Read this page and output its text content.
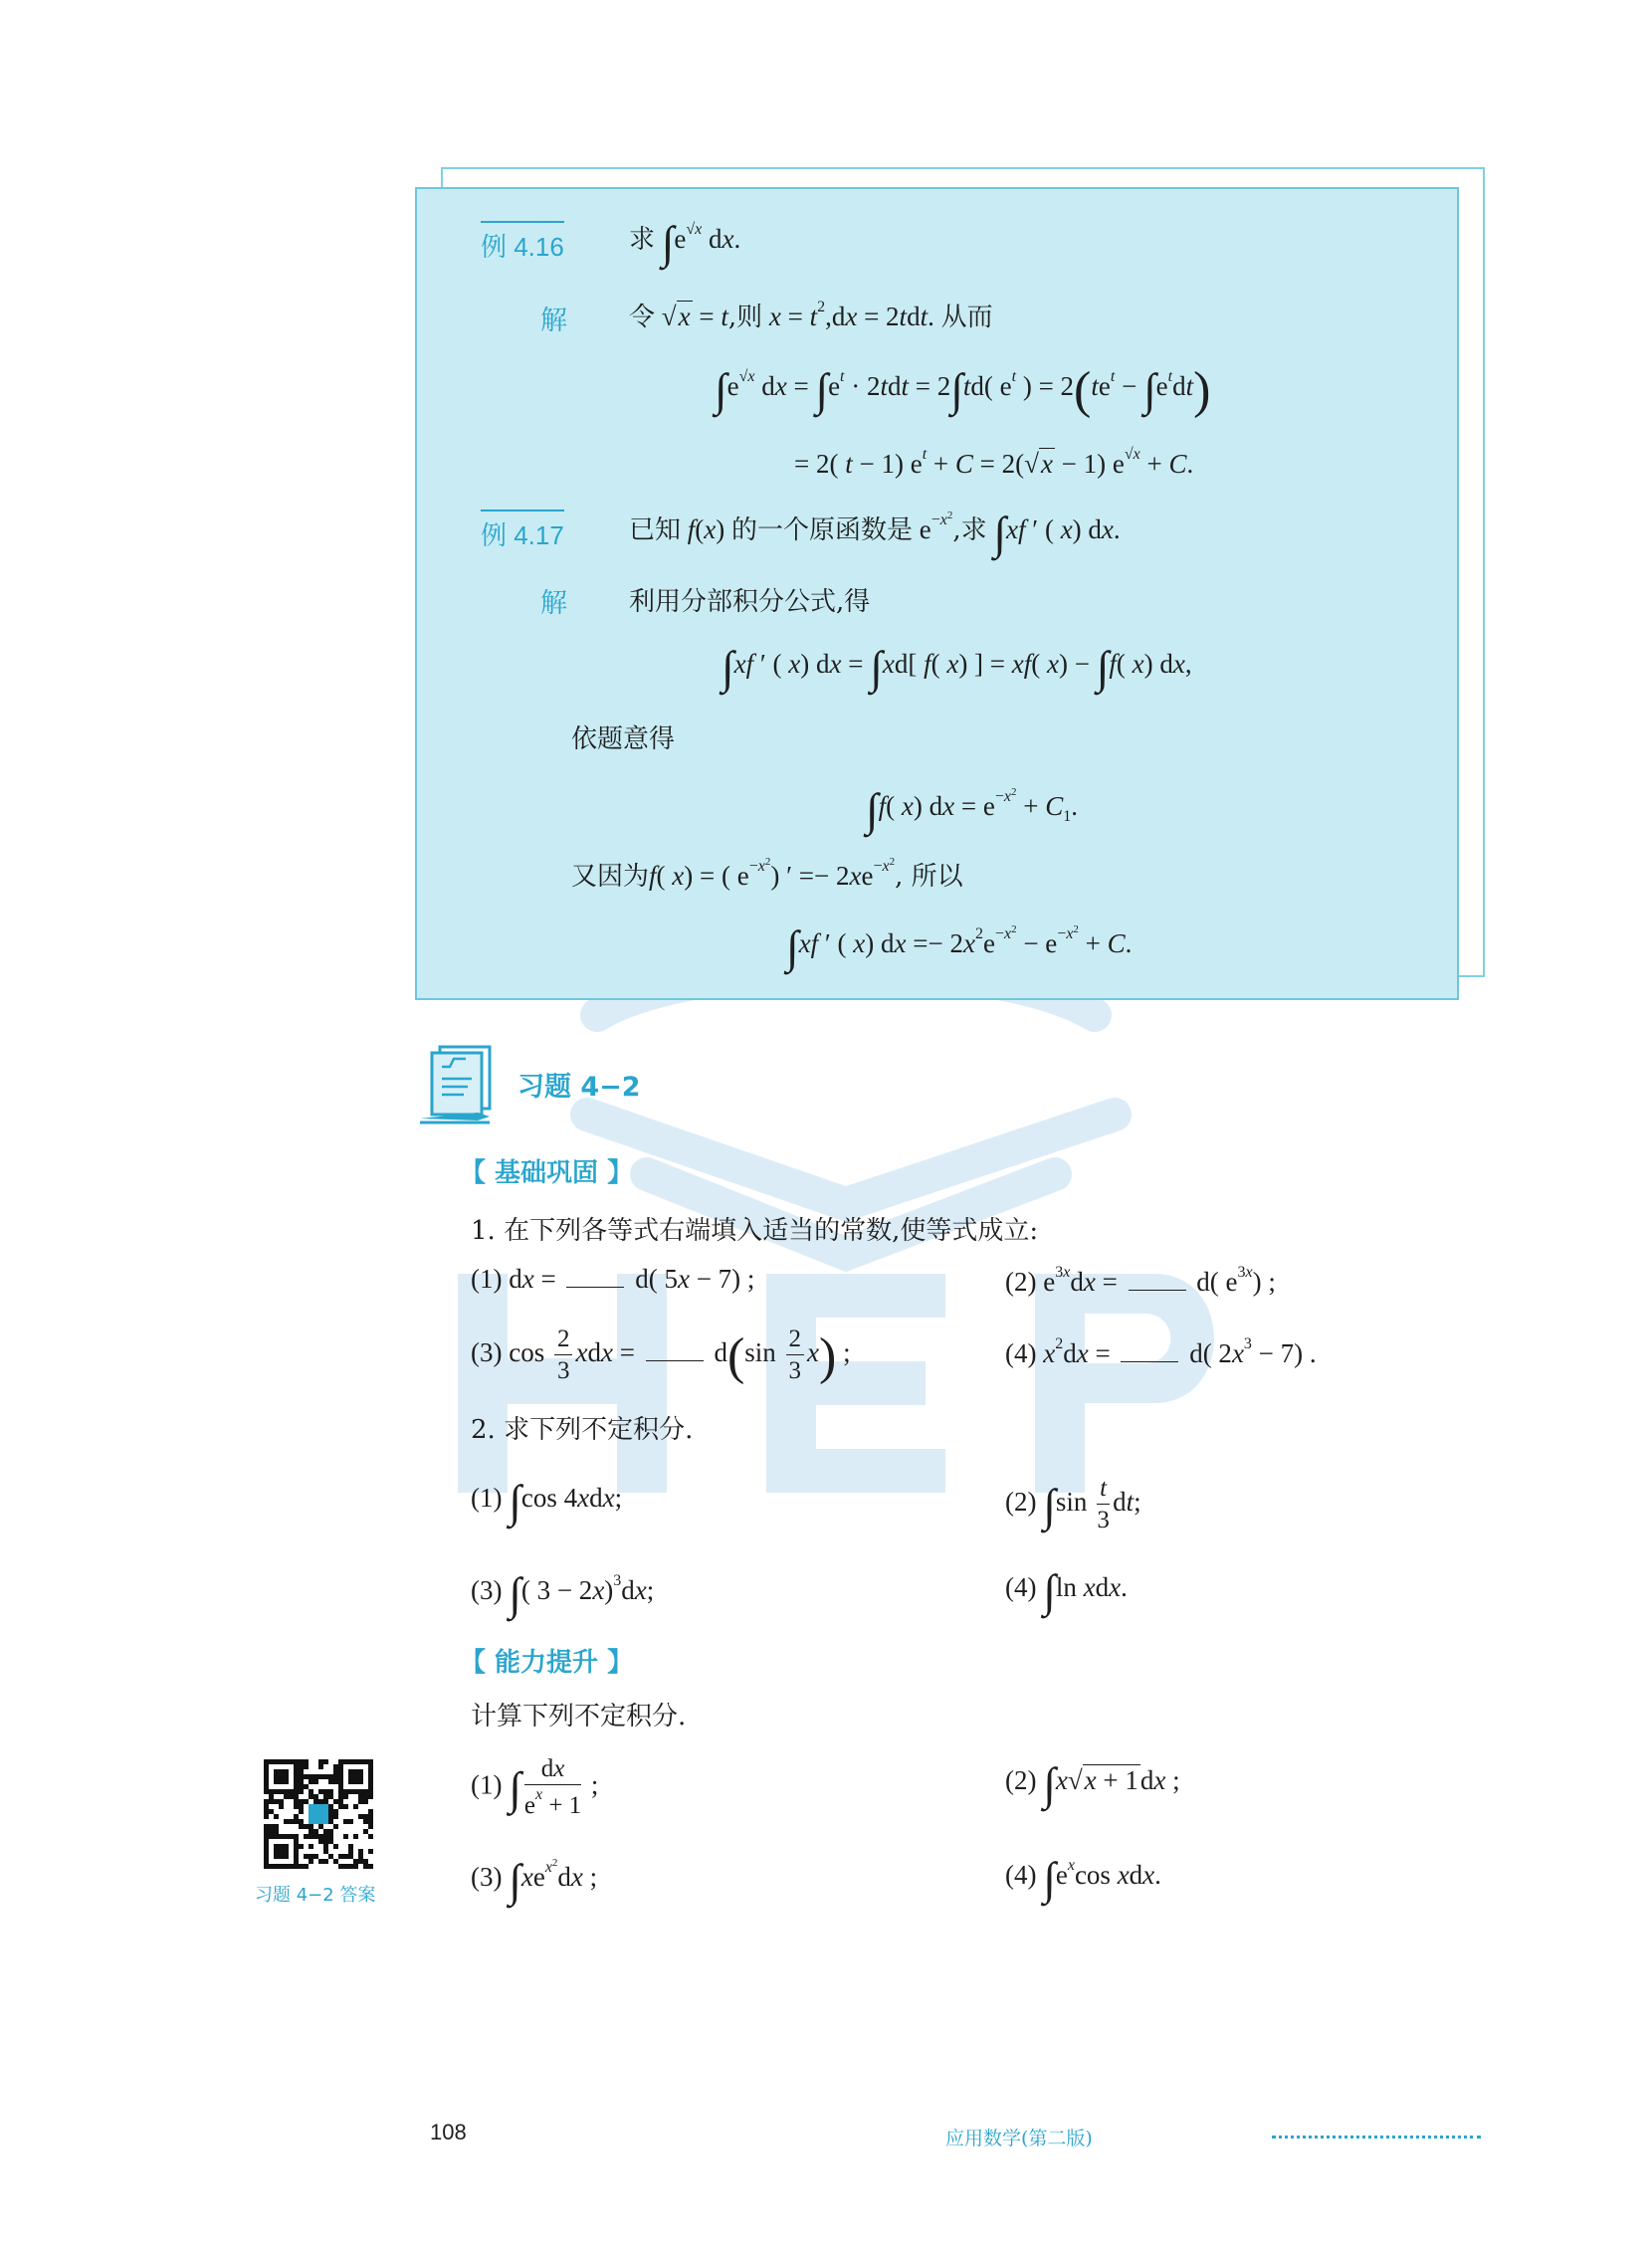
例 4.16	求 $\int e^{√x}$ dx.
解 令 √x = t,则 $x = t^2,dx = 2tdt$. 从而
$\int e^{√x}$ dx = $\int e^t \cdot 2tdt = 2\int td$( $e^t$ ) = $2(te^t - \int e^tdt)$
= 2( t − 1) $e^t + C = 2(√x - 1) e^{√x} + C$.
例 4.17	已知 f(x) 的一个原函数是 $e^{-x^2}$,求 ∫xf ′ ( x) dx.
解 利用分部积分公式,得
∫xf ′ ( x) dx = ∫xd[ f( x) ] = xf( x) − ∫f( x) dx,
依题意得
∫f( x) dx = $e^{-x^2} + C_1$.
又因为f( x) = ( $e^{-x^2}$) ′ =− $2xe^{-x^2}$, 所以
∫xf ′ ( x) dx =− $2x^2e^{-x^2} - e^{-x^2} + C$.
习题 4−2
【 基础巩固 】
1. 在下列各等式右端填入适当的常数,使等式成立:
(1) dx =  d( 5x − 7) ;	(2) $e^{3x}dx = d$( $e^{3x}$) ;
(3) $\cos \frac{2}{3}$ xdx =  $d(\sin \frac{2}{3} x)$ ;	(4) $x^2dx = d$( $2x^3 - 7$) .
2. 求下列不定积分.
(1) ∫cos 4xdx;	(2) $\int\sin \frac{t}{3}$ dt;
(3) ∫( 3 − 2x)$^3$dx;	(4) ∫ln xdx.
【 能力提升 】
计算下列不定积分.
(1) ∫ $\frac{dx}{e^x + 1}$ ;	(2) ∫x√x + 1dx ;
(3) $\int xe^{x^2}dx$ ;	(4) $\int e^x\cos$ xdx.
习题 4−2 答案
108	应用数学(第二版)
